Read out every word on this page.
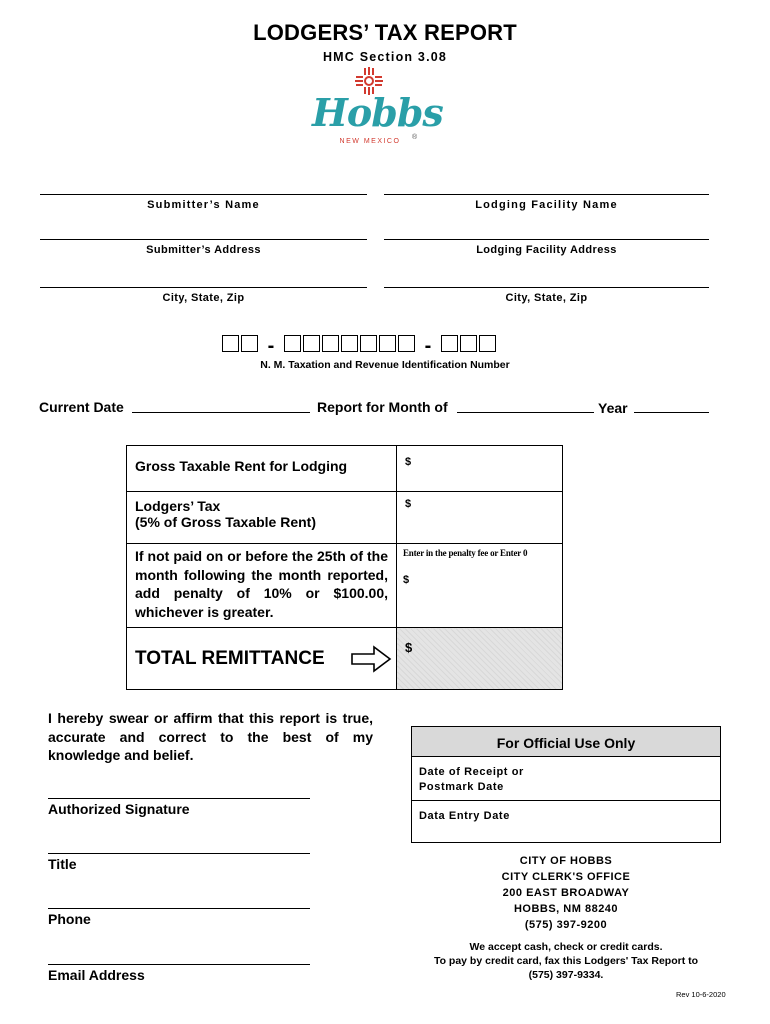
LODGERS’ TAX REPORT
HMC Section 3.08
Hobbs
NEW MEXICO
®
Submitter’s Name	Lodging Facility Name
Submitter’s Address	Lodging Facility Address
City, State, Zip	City, State, Zip
-	-
N. M. Taxation and Revenue Identification Number
Current Date	Report for Month of	Year
Gross Taxable Rent for Lodging	$

Lodgers’ Tax
(5% of Gross Taxable Rent)	$
If not paid on or before the 25th of the month following the month reported, add penalty of 10% or $100.00, whichever is greater.	Enter in the penalty fee or Enter 0
$

TOTAL REMITTANCE	$
I hereby swear or affirm that this report is true, accurate and correct to the best of my knowledge and belief.
Authorized Signature
Title
Phone
Email Address
For Official Use Only
Date of Receipt or
Postmark Date
Data Entry Date
CITY OF HOBBS
CITY CLERK'S OFFICE
200 EAST BROADWAY
HOBBS, NM 88240
(575) 397-9200
We accept cash, check or credit cards.
To pay by credit card, fax this Lodgers' Tax Report to
(575) 397-9334.
Rev 10-6-2020
